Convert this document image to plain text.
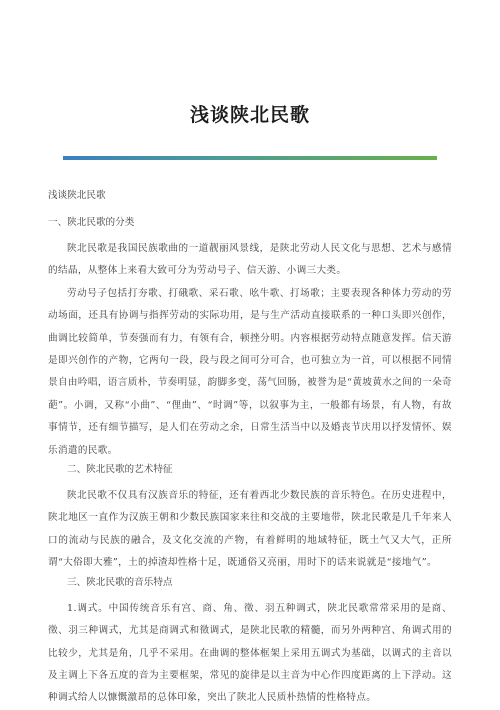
浅谈陕北民歌

浅谈陕北民歌

一、陕北民歌的分类

陕北民歌是我国民族歌曲的一道靓丽风景线，是陕北劳动人民文化与思想、艺术与感情的结晶，从整体上来看大致可分为劳动号子、信天游、小调三大类。

劳动号子包括打夯歌、打硪歌、采石歌、吆牛歌、打场歌；主要表现各种体力劳动的劳动场面，还具有协调与指挥劳动的实际功用，是与生产活动直接联系的一种口头即兴创作，曲调比较简单，节奏强而有力，有领有合，顿挫分明。内容根据劳动特点随意发挥。信天游是即兴创作的产物，它两句一段，段与段之间可分可合，也可独立为一首，可以根据不同情景自由吟唱，语言质朴，节奏明显，韵脚多变，荡气回肠，被誉为是“黄坡黄水之间的一朵奇葩”。小调，又称“小曲”、“俚曲”、“时调”等，以叙事为主，一般都有场景，有人物，有故事情节，还有细节描写，是人们在劳动之余，日常生活当中以及婚丧节庆用以抒发情怀、娱乐消遣的民歌。

二、陕北民歌的艺术特征

陕北民歌不仅具有汉族音乐的特征，还有着西北少数民族的音乐特色。在历史进程中，陕北地区一直作为汉族王朝和少数民族国家来往和交战的主要地带，陕北民歌是几千年来人口的流动与民族的融合，及文化交流的产物，有着鲜明的地域特征，既土气又大气，正所谓“大俗即大雅”，土的掉渣却性格十足，既通俗又亮丽，用时下的话来说就是“接地气”。

三、陕北民歌的音乐特点

1.调式。中国传统音乐有宫、商、角、徵、羽五种调式，陕北民歌常常采用的是商、徵、羽三种调式，尤其是商调式和徵调式，是陕北民歌的精髓，而另外两种宫、角调式用的比较少，尤其是角，几乎不采用。在曲调的整体框架上采用五调式为基础，以调式的主音以及主调上下各五度的音为主要框架，常见的旋律是以主音为中心作四度距离的上下浮动。这种调式给人以慷慨激昂的总体印象，突出了陕北人民质朴热情的性格特点。
